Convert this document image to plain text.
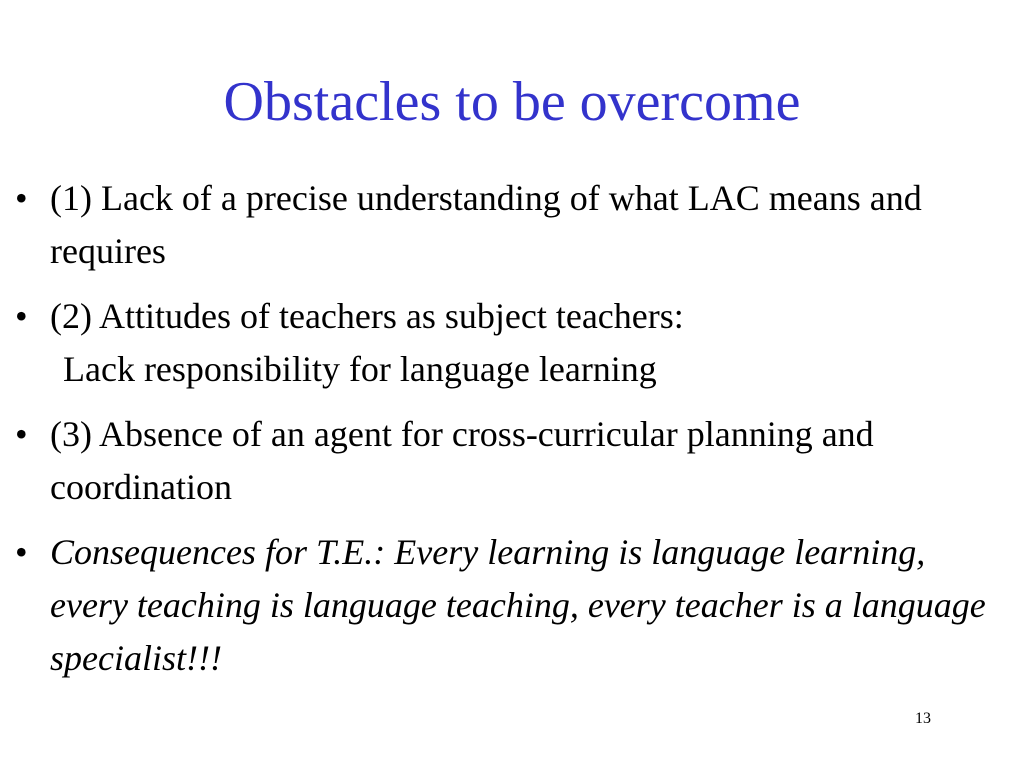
Obstacles to be overcome
• (1) Lack of a precise understanding of what LAC means and requires
• (2) Attitudes of teachers as subject teachers:
Lack responsibility for language learning
• (3) Absence of an agent for cross-curricular planning and coordination
• Consequences for T.E.: Every learning is language learning, every teaching is language teaching, every teacher is a language specialist!!!
13
